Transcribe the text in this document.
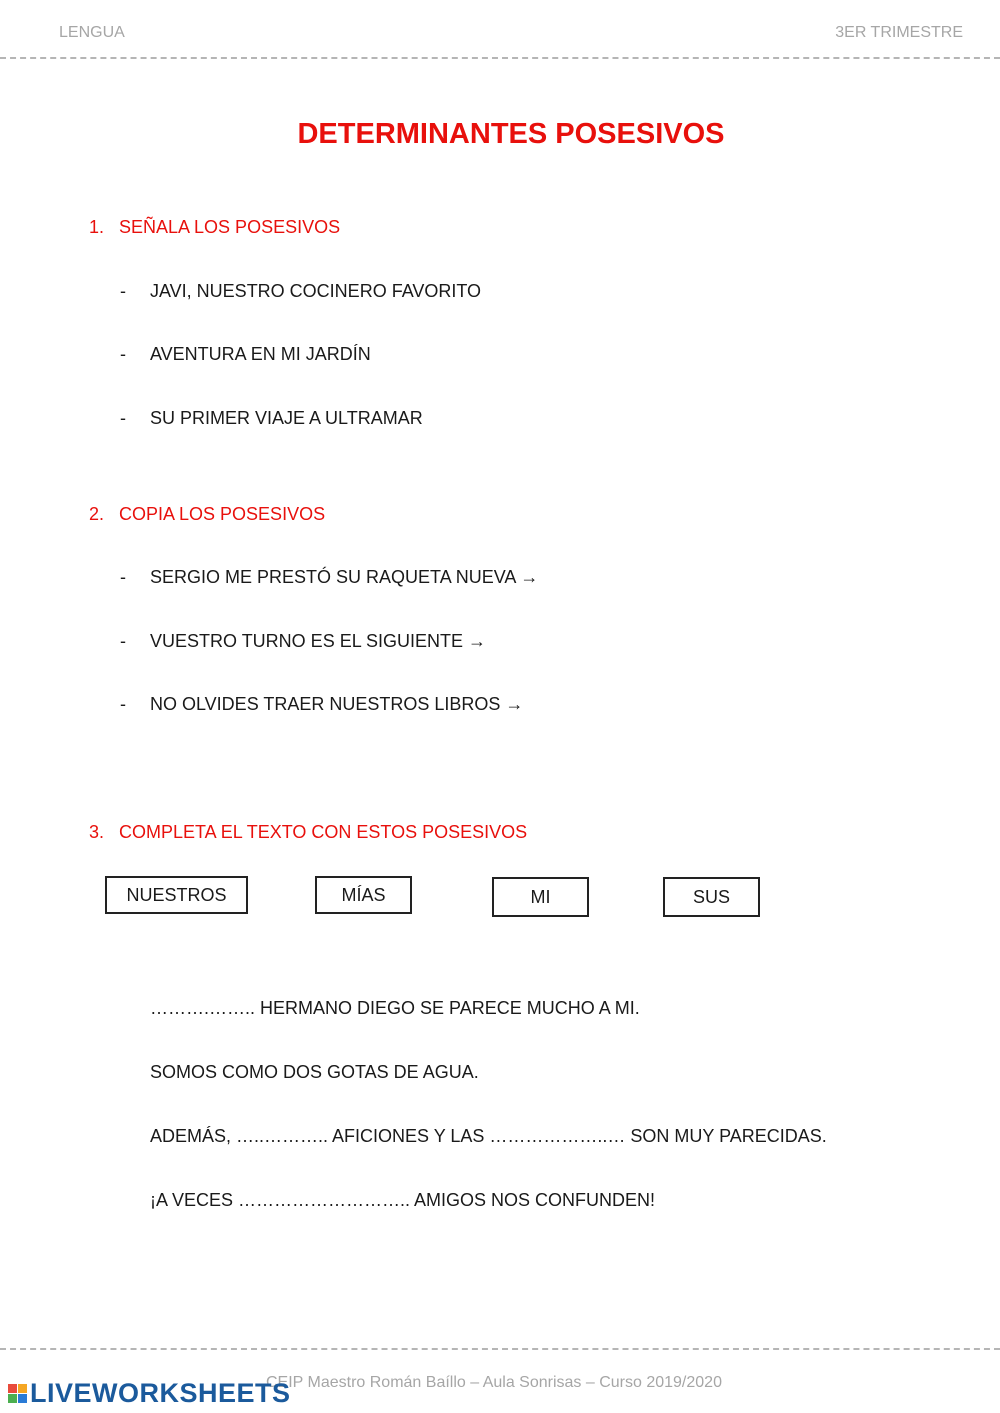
LENGUA	3ER TRIMESTRE
DETERMINANTES POSESIVOS
1. SEÑALA LOS POSESIVOS
- JAVI, NUESTRO COCINERO FAVORITO
- AVENTURA EN MI JARDÍN
- SU PRIMER VIAJE A ULTRAMAR
2. COPIA LOS POSESIVOS
- SERGIO ME PRESTÓ SU RAQUETA NUEVA →
- VUESTRO TURNO ES EL SIGUIENTE →
- NO OLVIDES TRAER NUESTROS LIBROS →
3. COMPLETA EL TEXTO CON ESTOS POSESIVOS
NUESTROS	MÍAS	MI	SUS
……….…….. HERMANO DIEGO SE PARECE MUCHO A MI.
SOMOS COMO DOS GOTAS DE AGUA.
ADEMÁS, …..……….. AFICIONES Y LAS ………………..… SON MUY PARECIDAS.
¡A VECES ……………………….. AMIGOS NOS CONFUNDEN!
CEIP Maestro Román Baíllo – Aula Sonrisas – Curso 2019/2020
LIVEWORKSHEETS
